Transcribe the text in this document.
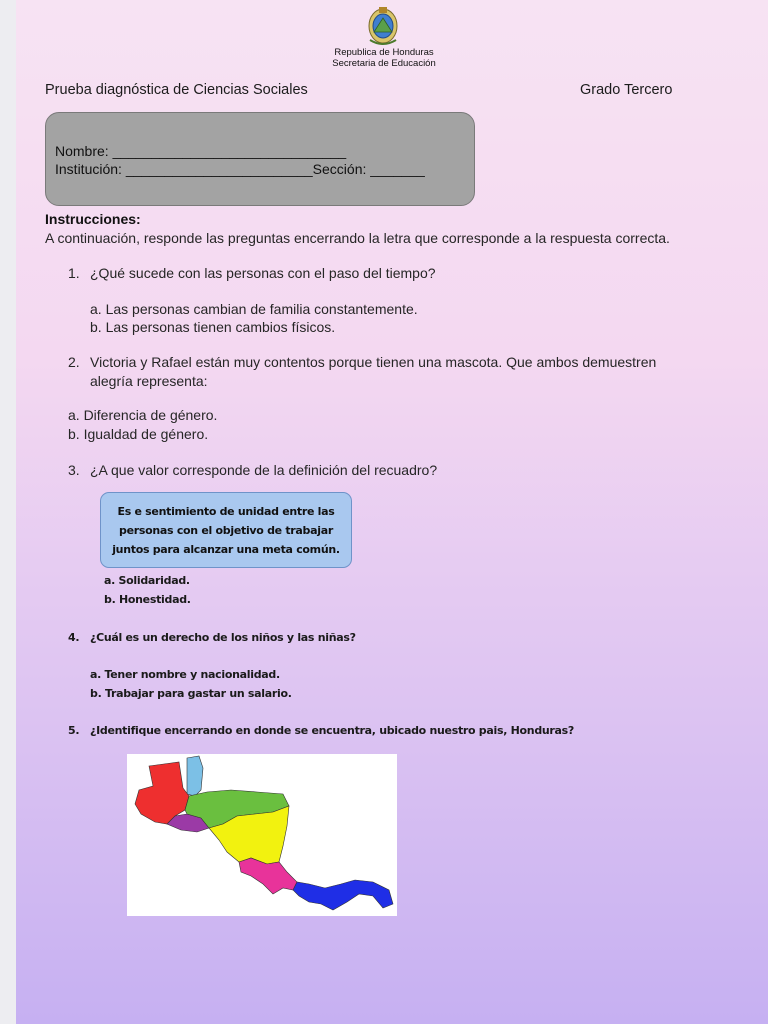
Republica de Honduras
Secretaria de Educación
Prueba diagnóstica de Ciencias Sociales	Grado Tercero
Nombre: ______________________________
Institución: ________________________Sección: _______
Instrucciones:
A continuación, responde las preguntas encerrando la letra que corresponde a la respuesta correcta.
1. ¿Qué sucede con las personas con el paso del tiempo?
a. Las personas cambian de familia constantemente.
b. Las personas tienen cambios físicos.
2. Victoria y Rafael están muy contentos porque tienen una mascota. Que ambos demuestren
alegría representa:
a. Diferencia de género.
b. Igualdad de género.
3. ¿A que valor corresponde de la definición del recuadro?
Es e sentimiento de unidad entre las personas con el objetivo de trabajar juntos para alcanzar una meta común.
a. Solidaridad.
b. Honestidad.
4. ¿Cuál es un derecho de los niños y las niñas?
a. Tener nombre y nacionalidad.
b. Trabajar para gastar un salario.
5. ¿Identifique encerrando en donde se encuentra, ubicado nuestro pais, Honduras?
